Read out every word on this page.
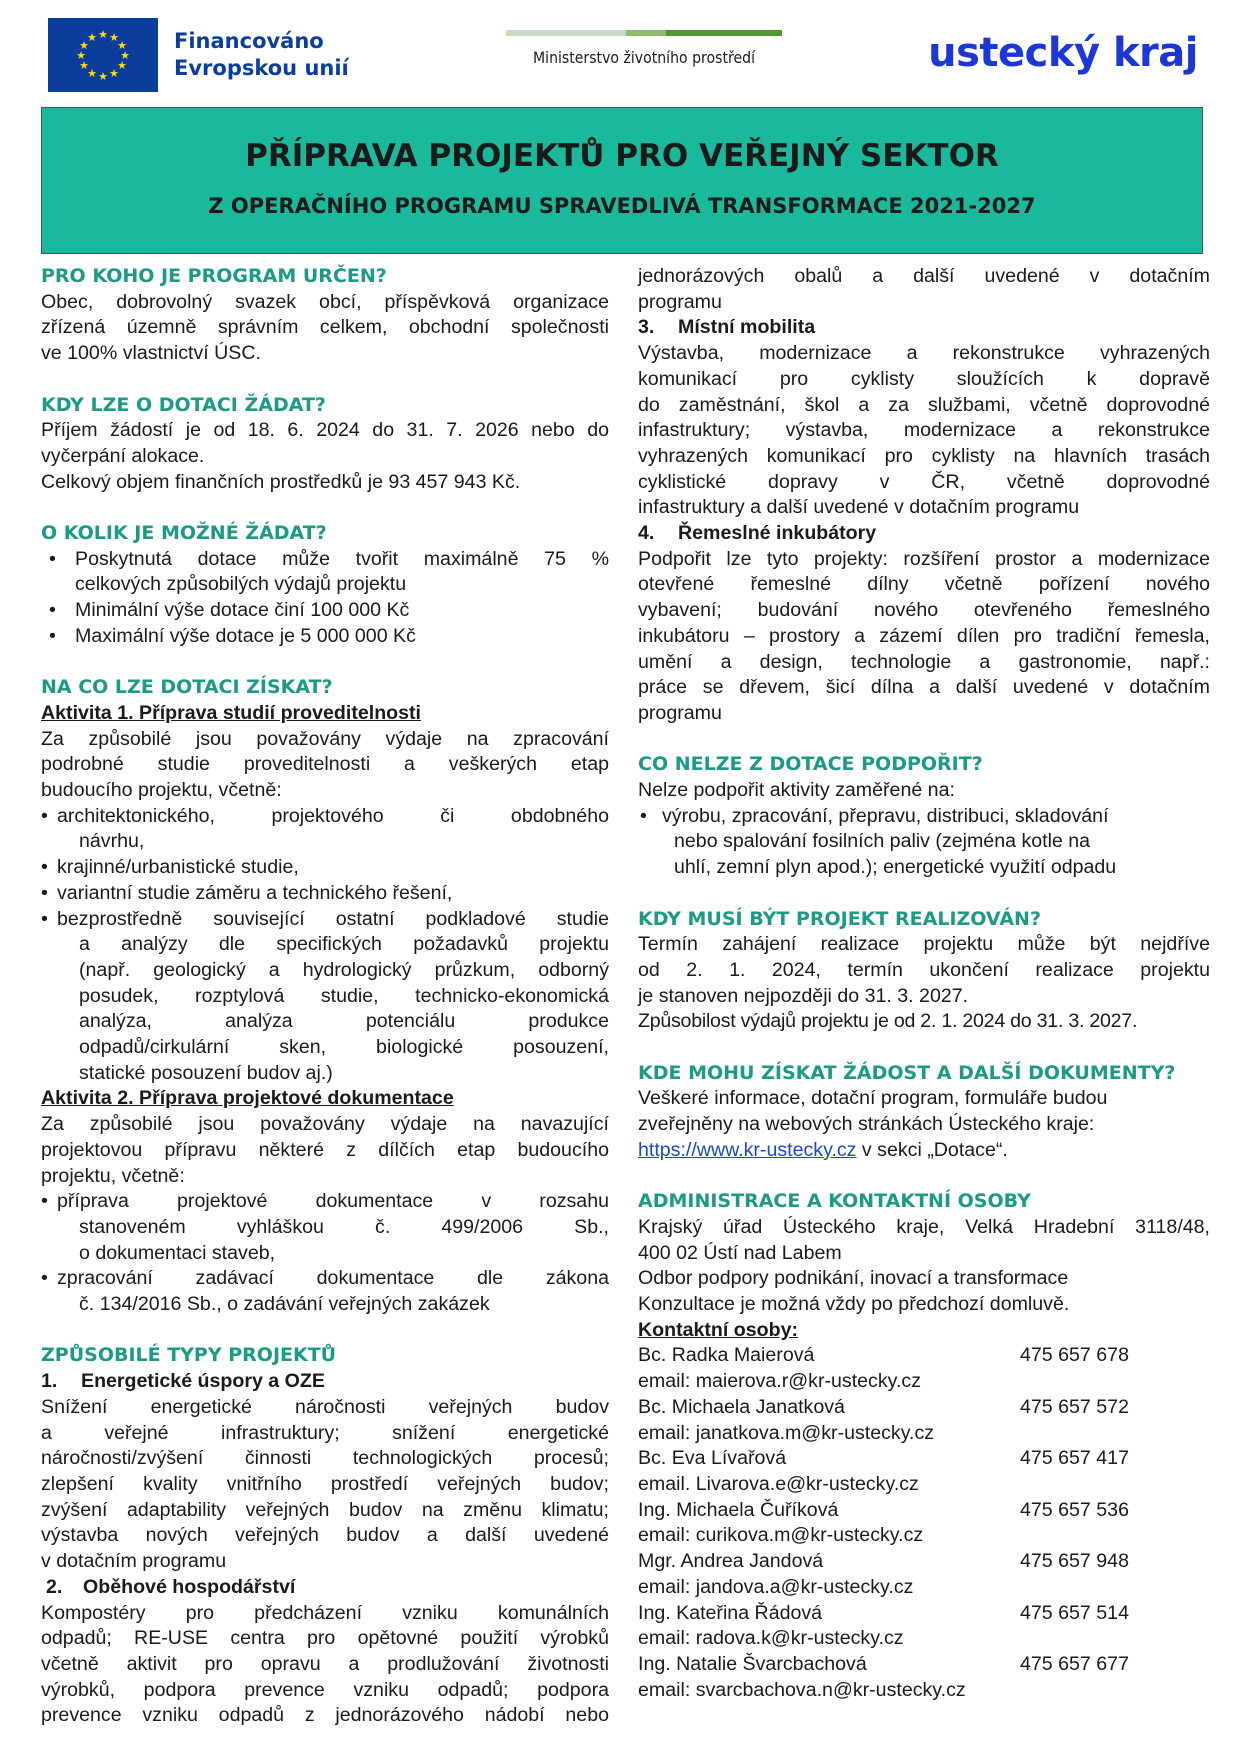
★ ★
★
★
★
★
★
★
★
★
★
★	Financováno
Evropskou unií	Ministerstvo životního prostředí	ustecký kraj
PŘÍPRAVA PROJEKTŮ PRO VEŘEJNÝ SEKTOR
Z OPERAČNÍHO PROGRAMU SPRAVEDLIVÁ TRANSFORMACE 2021-2027
PRO KOHO JE PROGRAM URČEN?
Obec, dobrovolný svazek obcí, příspěvková organizace
zřízená územně správním celkem, obchodní společnosti
ve 100% vlastnictví ÚSC.
KDY LZE O DOTACI ŽÁDAT?
Příjem žádostí je od 18. 6. 2024 do 31. 7. 2026 nebo do
vyčerpání alokace.
Celkový objem finančních prostředků je 93 457 943 Kč.
O KOLIK JE MOŽNÉ ŽÁDAT?
• Poskytnutá dotace může tvořit maximálně 75 %
celkových způsobilých výdajů projektu
• Minimální výše dotace činí 100 000 Kč
• Maximální výše dotace je 5 000 000 Kč
NA CO LZE DOTACI ZÍSKAT?
Aktivita 1. Příprava studií proveditelnosti
Za způsobilé jsou považovány výdaje na zpracování
podrobné studie proveditelnosti a veškerých etap
budoucího projektu, včetně:
• architektonického, projektového či obdobného
návrhu,
• krajinné/urbanistické studie,
• variantní studie záměru a technického řešení,
• bezprostředně související ostatní podkladové studie
a analýzy dle specifických požadavků projektu
(např. geologický a hydrologický průzkum, odborný
posudek, rozptylová studie, technicko-ekonomická
analýza, analýza potenciálu produkce
odpadů/cirkulární sken, biologické posouzení,
statické posouzení budov aj.)
Aktivita 2. Příprava projektové dokumentace
Za způsobilé jsou považovány výdaje na navazující
projektovou přípravu některé z dílčích etap budoucího
projektu, včetně:
• příprava projektové dokumentace v rozsahu
stanoveném vyhláškou č. 499/2006 Sb.,
o dokumentaci staveb,
• zpracování zadávací dokumentace dle zákona
č. 134/2016 Sb., o zadávání veřejných zakázek
ZPŮSOBILÉ TYPY PROJEKTŮ
1.	Energetické úspory a OZE
Snížení energetické náročnosti veřejných budov
a veřejné infrastruktury; snížení energetické
náročnosti/zvýšení činnosti technologických procesů;
zlepšení kvality vnitřního prostředí veřejných budov;
zvýšení adaptability veřejných budov na změnu klimatu;
výstavba nových veřejných budov a další uvedené
v dotačním programu
2.	Oběhové hospodářství
Kompostéry pro předcházení vzniku komunálních
odpadů; RE-USE centra pro opětovné použití výrobků
včetně aktivit pro opravu a prodlužování životnosti
výrobků, podpora prevence vzniku odpadů; podpora
prevence vzniku odpadů z jednorázového nádobí nebo
jednorázových obalů a další uvedené v dotačním
programu
3.	Místní mobilita
Výstavba, modernizace a rekonstrukce vyhrazených
komunikací pro cyklisty sloužících k dopravě
do zaměstnání, škol a za službami, včetně doprovodné
infastruktury; výstavba, modernizace a rekonstrukce
vyhrazených komunikací pro cyklisty na hlavních trasách
cyklistické dopravy v ČR, včetně doprovodné
infastruktury a další uvedené v dotačním programu
4.	Řemeslné inkubátory
Podpořit lze tyto projekty: rozšíření prostor a modernizace
otevřené řemeslné dílny včetně pořízení nového
vybavení; budování nového otevřeného řemeslného
inkubátoru – prostory a zázemí dílen pro tradiční řemesla,
umění a design, technologie a gastronomie, např.:
práce se dřevem, šicí dílna a další uvedené v dotačním
programu
CO NELZE Z DOTACE PODPOŘIT?
Nelze podpořit aktivity zaměřené na:
• výrobu, zpracování, přepravu, distribuci, skladování
nebo spalování fosilních paliv (zejména kotle na
uhlí, zemní plyn apod.); energetické využití odpadu
KDY MUSÍ BÝT PROJEKT REALIZOVÁN?
Termín zahájení realizace projektu může být nejdříve
od 2. 1. 2024, termín ukončení realizace projektu
je stanoven nejpozději do 31. 3. 2027.
Způsobilost výdajů projektu je od 2. 1. 2024 do 31. 3. 2027.
KDE MOHU ZÍSKAT ŽÁDOST A DALŠÍ DOKUMENTY?
Veškeré informace, dotační program, formuláře budou
zveřejněny na webových stránkách Ústeckého kraje:
https://www.kr-ustecky.cz v sekci „Dotace“.
ADMINISTRACE A KONTAKTNÍ OSOBY
Krajský úřad Ústeckého kraje, Velká Hradební 3118/48,
400 02 Ústí nad Labem
Odbor podpory podnikání, inovací a transformace
Konzultace je možná vždy po předchozí domluvě.
Kontaktní osoby:
Bc. Radka Maierová	475 657 678
email: maierova.r@kr-ustecky.cz
Bc. Michaela Janatková	475 657 572
email: janatkova.m@kr-ustecky.cz
Bc. Eva Lívařová	475 657 417
email. Livarova.e@kr-ustecky.cz
Ing. Michaela Čuříková	475 657 536
email: curikova.m@kr-ustecky.cz
Mgr. Andrea Jandová	475 657 948
email: jandova.a@kr-ustecky.cz
Ing. Kateřina Řádová	475 657 514
email: radova.k@kr-ustecky.cz
Ing. Natalie Švarcbachová	475 657 677
email: svarcbachova.n@kr-ustecky.cz
